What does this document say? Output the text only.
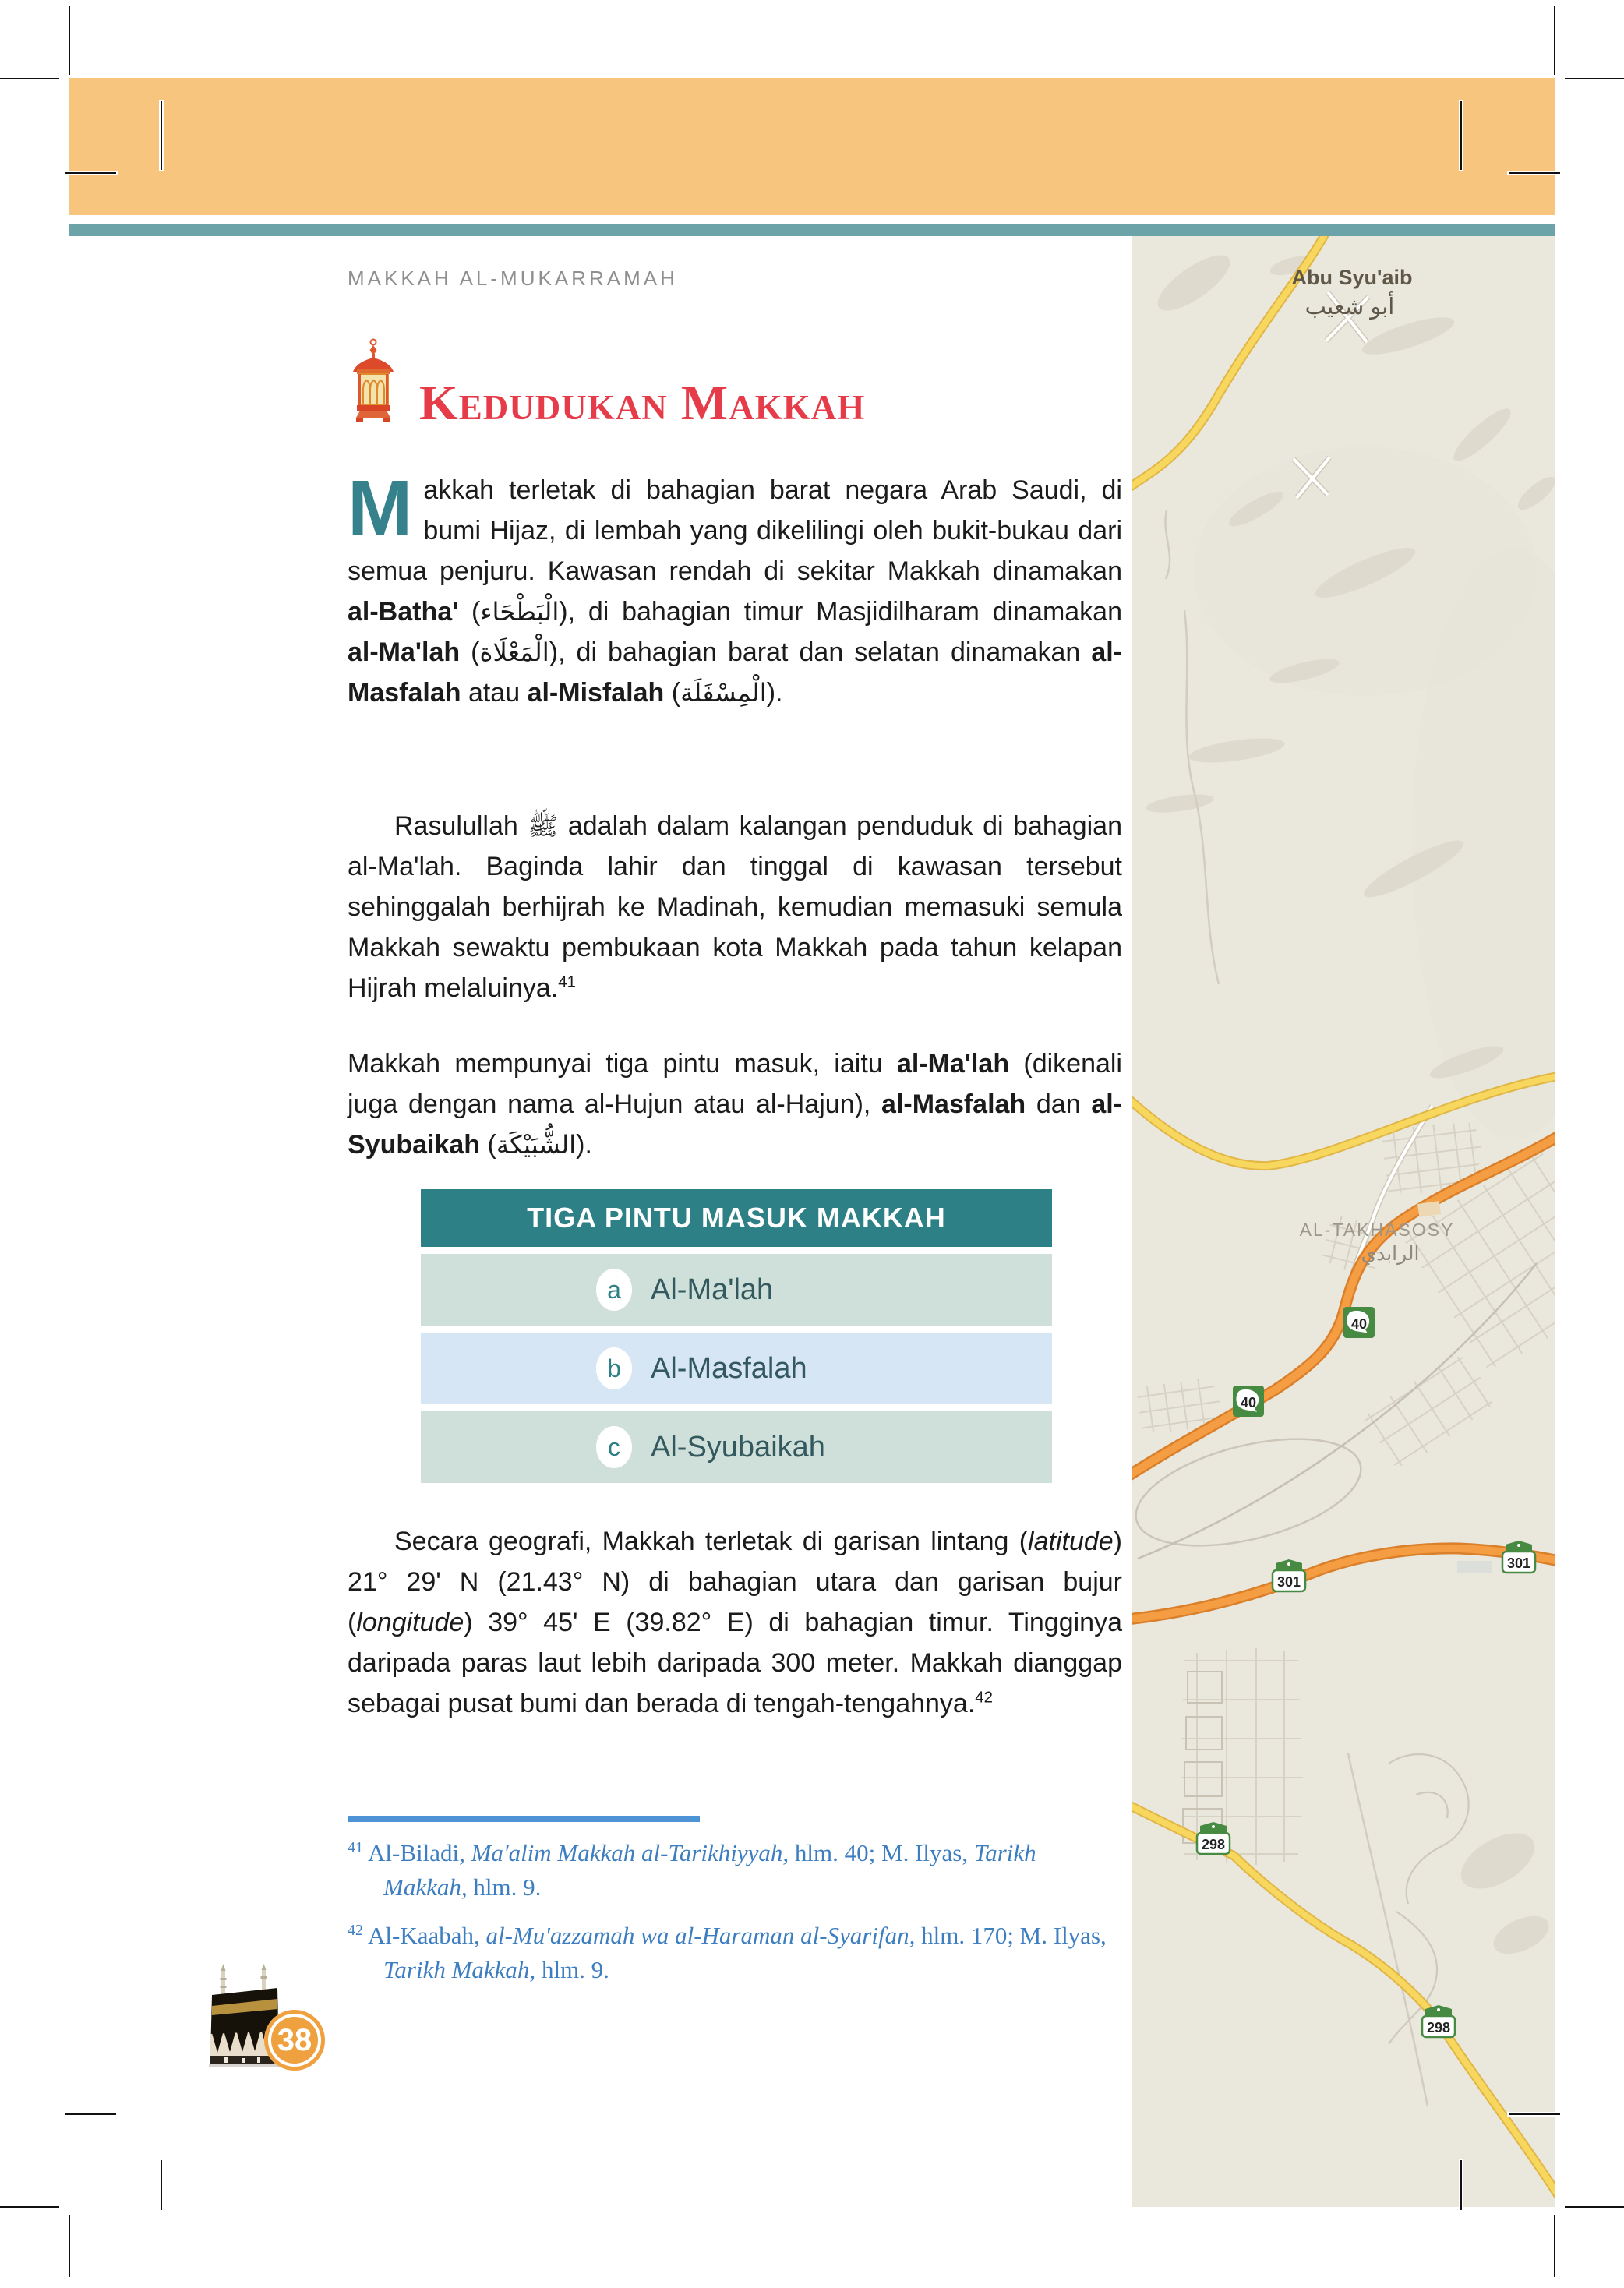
MAKKAH AL-MUKARRAMAH
Kedudukan Makkah

Makkah terletak di bahagian barat negara Arab Saudi, di bumi Hijaz, di lembah yang dikelilingi oleh bukit-bukau dari semua penjuru. Kawasan rendah di sekitar Makkah dinamakan al-Batha' (الْبَطْحَاء), di bahagian timur Masjidilharam dinamakan al-Ma'lah (الْمَعْلَاة), di bahagian barat dan selatan dinamakan al-Masfalah atau al-Misfalah (الْمِسْفَلَة).

Rasulullah ﷺ adalah dalam kalangan penduduk di bahagian al-Ma'lah. Baginda lahir dan tinggal di kawasan tersebut sehinggalah berhijrah ke Madinah, kemudian memasuki semula Makkah sewaktu pembukaan kota Makkah pada tahun kelapan Hijrah melaluinya.$^{41}$

Makkah mempunyai tiga pintu masuk, iaitu al-Ma'lah (dikenali juga dengan nama al-Hujun atau al-Hajun), al-Masfalah dan al-Syubaikah (الشُّبَيْكَة).

Secara geografi, Makkah terletak di garisan lintang (latitude) 21° 29' N (21.43° N) di bahagian utara dan garisan bujur (longitude) 39° 45' E (39.82° E) di bahagian timur. Tingginya daripada paras laut lebih daripada 300 meter. Makkah dianggap sebagai pusat bumi dan berada di tengah-tengahnya.$^{42}$

TIGA PINTU MASUK MAKKAH
a	Al-Ma'lah
b	Al-Masfalah
c	Al-Syubaikah
$^{41}$ Al-Biladi, Ma'alim Makkah al-Tarikhiyyah, hlm. 40; M. Ilyas, Tarikh Makkah, hlm. 9.
$^{42}$ Al-Kaabah, al-Mu'azzamah wa al-Haraman al-Syarifan, hlm. 170; M. Ilyas, Tarikh Makkah, hlm. 9.
38
40
40
301
301
298
298
Abu Syu'aib
أبو شعيب
AL-TAKHASOSY
الرابدي
